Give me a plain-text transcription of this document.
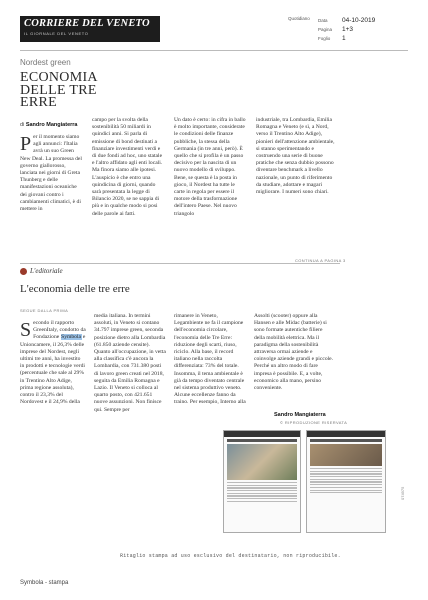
CORRIERE DEL VENETO
IL GIORNALE DEL VENETO
Quotidiano Data	04-10-2019
Pagina	1+3
Foglio	1
Nordest green
ECONOMIA DELLE TRE ERRE
di Sandro Mangiaterra
Per il momento siamo agli annunci: l'Italia avrà un suo Green New Deal. La promessa del governo giallorosso, lanciata nei giorni di Greta Thunberg e delle manifestazioni oceaniche dei giovani contro i cambiamenti climatici, è di mettere in
campo per la svolta della sostenibilità 50 miliardi in quindici anni. Si parla di emissione di bond destinati a finanziare investimenti verdi e di due fondi ad hoc, uno statale e l'altro affidato agli enti locali. Ma finora siamo alle ipotesi. L'auspicio è che entro una quindicina di giorni, quando sarà presentata la legge di Bilancio 2020, se ne sappia di più e in qualche modo si posi delle parole ai fatti.
Un dato è certo: in cifra in ballo è molto importante, considerate le condizioni delle finanze pubbliche, la stessa della Germania (in tre anni, però). È quello che si profila è un passo decisivo per la nascita di un nuovo modello di sviluppo. Bene, se questa è la posta in gioco, il Nordest ha tutte le carte in regola per essere il motore della trasformazione dell'intero Paese. Nel nuovo triangolo
industriale, tra Lombardia, Emilia Romagna e Veneto (e sì, a Nord, verso il Trentino Alto Adige), pionieri dell'attenzione ambientale, si stanno sperimentando e costruendo una serie di buone pratiche che senza dubbio possono diventare benchmark a livello nazionale, un punto di riferimento da studiare, adottare e magari migliorare. I numeri sono chiari.
CONTINUA A PAGINA 3
L'editoriale
L'economia delle tre erre
SEGUE DALLA PRIMA
Secondo il rapporto GreenItaly, condotto da Fondazione Symbola e Unioncamere, il 26,3% delle imprese del Nordest, negli ultimi tre anni, ha investito in prodotti e tecnologie verdi (percentuale che sale al 29% in Trentino Alto Adige, prima regione assoluta), contro il 23,3% del Nordovest e il 24,9% della
media italiana. In termini assoluti, in Veneto si contano 34.797 imprese green, seconda posizione dietro alla Lombardia (61.850 aziende censite). Quanto all'occupazione, in vetta alla classifica c'è ancora la Lombardia, con 731.380 posti di lavoro green creati nel 2018, seguita da Emilia Romagna e Lazio. Il Veneto si colloca al quarto posto, con 421.651 nuove assunzioni. Non finisce qui. Sempre per
rimanere in Veneto, Legambiente ne fa il campione dell'economia circolare, l'economia delle Tre Erre: riduzione degli scarti, riuso, riciclo. Alla base, il record italiano nella raccolta differenziata: 73% del totale. Insomma, il tema ambientale è già da tempo diventato centrale nel sistema produttivo veneto. Alcune eccellenze fanno da traino. Per esempio, Interno alla
Assolti (scooter) oppure alla Hansen e alle Midac (batterie) si sono formate autentiche filiere della mobilità elettrica. Ma il paradigma della sostenibilità attraversa ormai aziende e coinvolge aziende grandi e piccole. Perché un altro modo di fare impresa è possibile. E, a volte, economico alla mano, persino conveniente.
Sandro Mangiaterra
© RIPRODUZIONE RISERVATA
074975
Ritaglio stampa ad uso esclusivo del destinatario, non riproducibile.
Symbola - stampa
